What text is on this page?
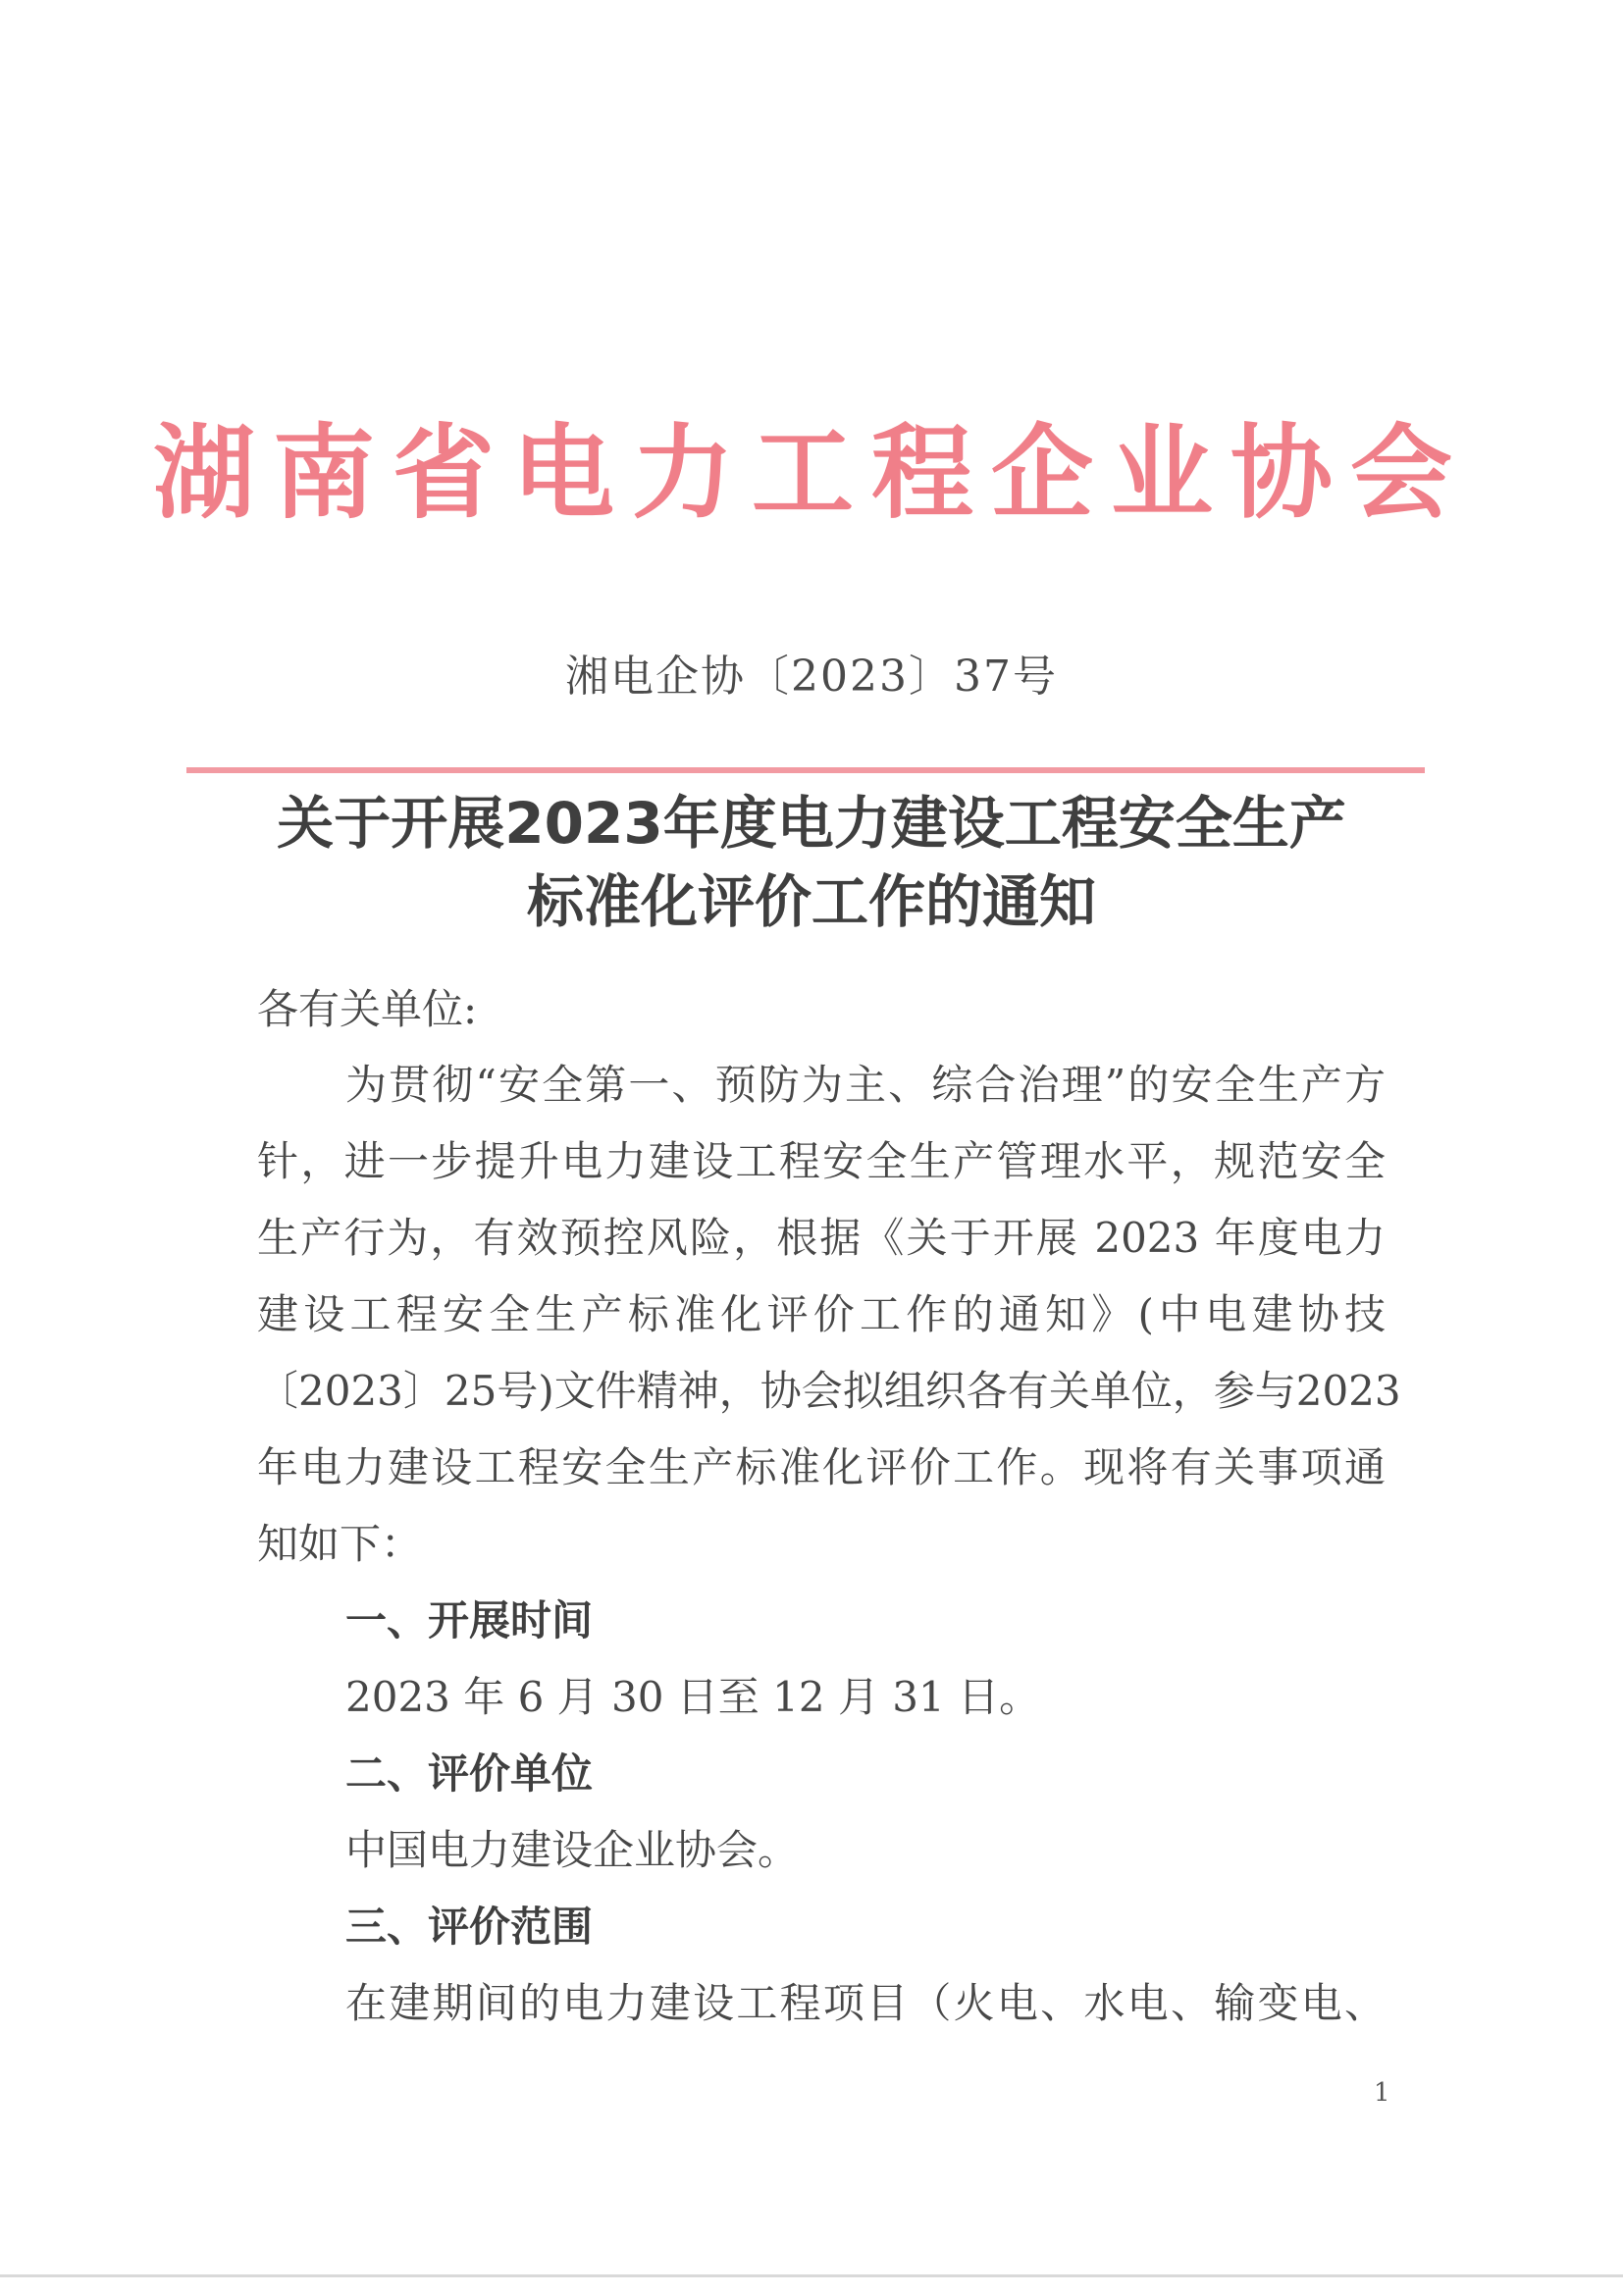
湖南省电力工程企业协会
湘电企协〔2023〕37号
关于开展2023年度电力建设工程安全生产
标准化评价工作的通知
各有关单位:
为贯彻“安全第一、预防为主、综合治理”的安全生产方
针，进一步提升电力建设工程安全生产管理水平，规范安全
生产行为，有效预控风险，根据《关于开展 2023 年度电力
建设工程安全生产标准化评价工作的通知》(中电建协技
〔2023〕25号)文件精神，协会拟组织各有关单位，参与2023
年电力建设工程安全生产标准化评价工作。现将有关事项通
知如下：
一、开展时间
2023 年 6 月 30 日至 12 月 31 日。
二、评价单位
中国电力建设企业协会。
三、评价范围
在建期间的电力建设工程项目（火电、水电、输变电、
1
